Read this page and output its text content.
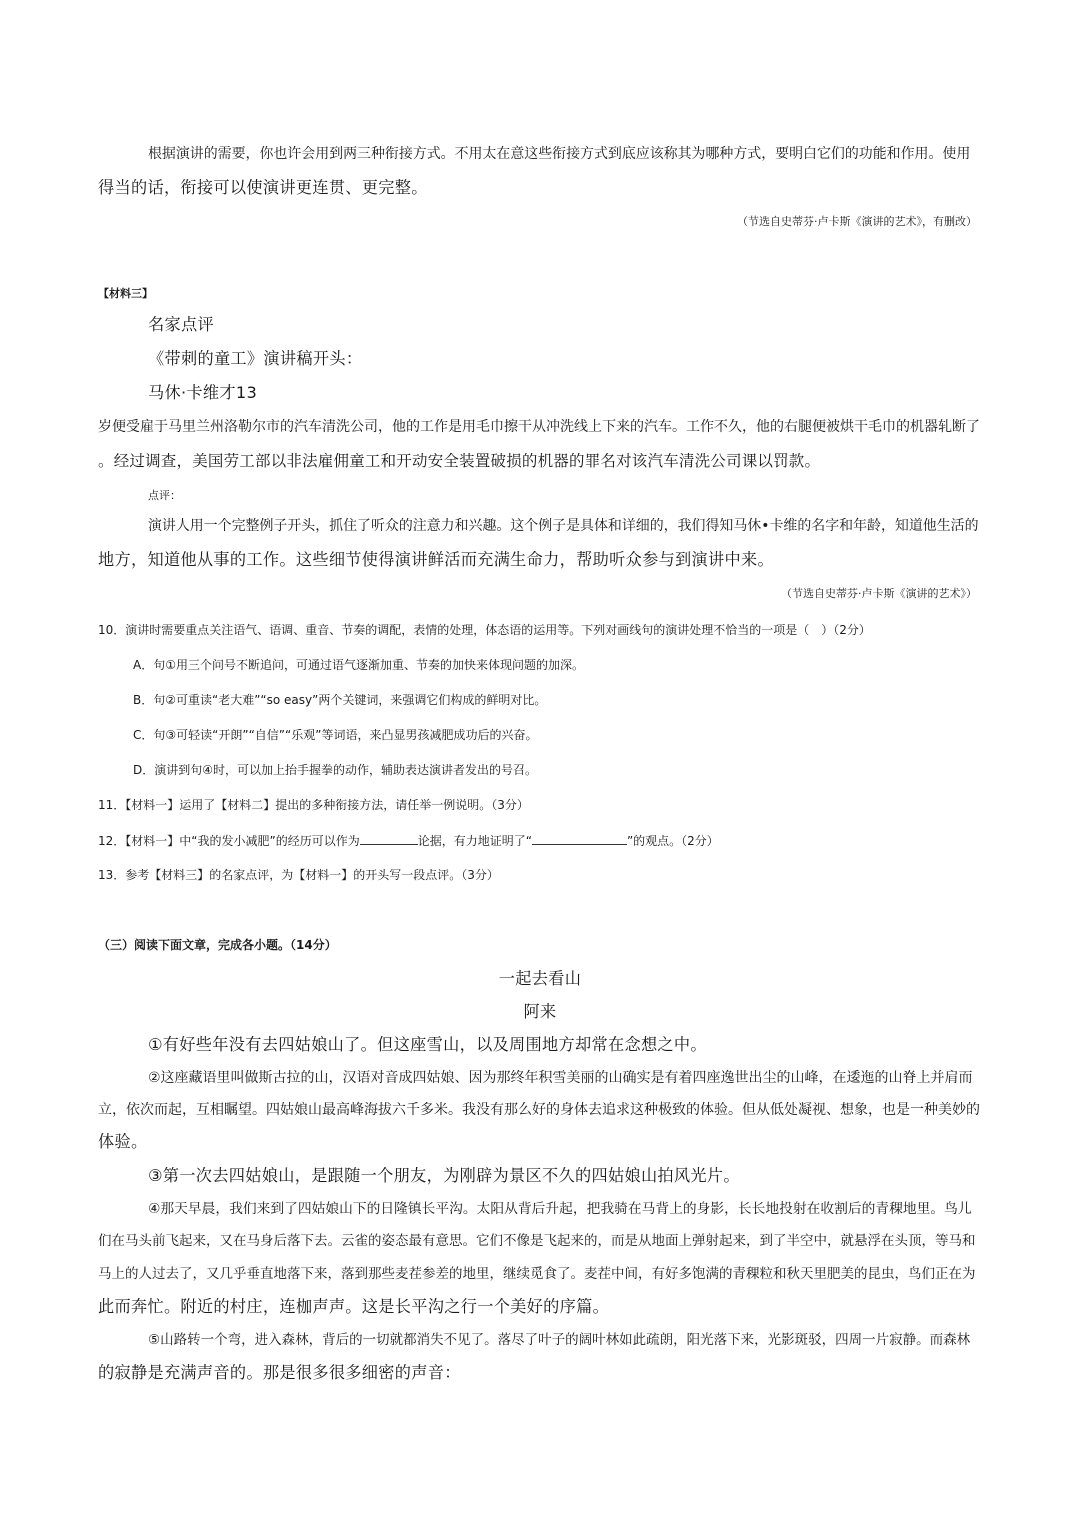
根据演讲的需要，你也许会用到两三种衔接方式。不用太在意这些衔接方式到底应该称其为哪种方式，要明白它们的功能和作用。使用

得当的话，衔接可以使演讲更连贯、更完整。

（节选自史蒂芬·卢卡斯《演讲的艺术》，有删改）

【材料三】

名家点评

《带刺的童工》演讲稿开头：

马休·卡维才13

岁便受雇于马里兰州洛勒尔市的汽车清洗公司，他的工作是用毛巾擦干从冲洗线上下来的汽车。工作不久，他的右腿便被烘干毛巾的机器轧断了

。经过调查，美国劳工部以非法雇佣童工和开动安全装置破损的机器的罪名对该汽车清洗公司课以罚款。

点评：

演讲人用一个完整例子开头，抓住了听众的注意力和兴趣。这个例子是具体和详细的，我们得知马休•卡维的名字和年龄，知道他生活的

地方，知道他从事的工作。这些细节使得演讲鲜活而充满生命力，帮助听众参与到演讲中来。

（节选自史蒂芬·卢卡斯《演讲的艺术》）

10．演讲时需要重点关注语气、语调、重音、节奏的调配，表情的处理，体态语的运用等。下列对画线句的演讲处理不恰当的一项是（　）（2分）

A．句①用三个问号不断追问，可通过语气逐渐加重、节奏的加快来体现问题的加深。

B．句②可重读“老大难”“so easy”两个关键词，来强调它们构成的鲜明对比。

C．句③可轻读“开朗”“自信”“乐观”等词语，来凸显男孩减肥成功后的兴奋。

D．演讲到句④时，可以加上抬手握拳的动作，辅助表达演讲者发出的号召。

11．【材料一】运用了【材料二】提出的多种衔接方法，请任举一例说明。（3分）

12．【材料一】中“我的发小减肥”的经历可以作为	论据，有力地证明了“	”的观点。（2分）

13．参考【材料三】的名家点评，为【材料一】的开头写一段点评。（3分）

（三）阅读下面文章，完成各小题。（14分）

一起去看山

阿来

①有好些年没有去四姑娘山了。但这座雪山，以及周围地方却常在念想之中。

②这座藏语里叫做斯古拉的山，汉语对音成四姑娘、因为那终年积雪美丽的山确实是有着四座逸世出尘的山峰，在逶迤的山脊上并肩而

立，依次而起，互相瞩望。四姑娘山最高峰海拔六千多米。我没有那么好的身体去追求这种极致的体验。但从低处凝视、想象，也是一种美妙的

体验。

③第一次去四姑娘山，是跟随一个朋友，为刚辟为景区不久的四姑娘山拍风光片。

④那天早晨，我们来到了四姑娘山下的日隆镇长平沟。太阳从背后升起，把我骑在马背上的身影，长长地投射在收割后的青稞地里。鸟儿

们在马头前飞起来，又在马身后落下去。云雀的姿态最有意思。它们不像是飞起来的，而是从地面上弹射起来，到了半空中，就悬浮在头顶，等马和

马上的人过去了，又几乎垂直地落下来，落到那些麦茬参差的地里，继续觅食了。麦茬中间，有好多饱满的青稞粒和秋天里肥美的昆虫，鸟们正在为

此而奔忙。附近的村庄，连枷声声。这是长平沟之行一个美好的序篇。

⑤山路转一个弯，进入森林，背后的一切就都消失不见了。落尽了叶子的阔叶林如此疏朗，阳光落下来，光影斑驳，四周一片寂静。而森林

的寂静是充满声音的。那是很多很多细密的声音：
